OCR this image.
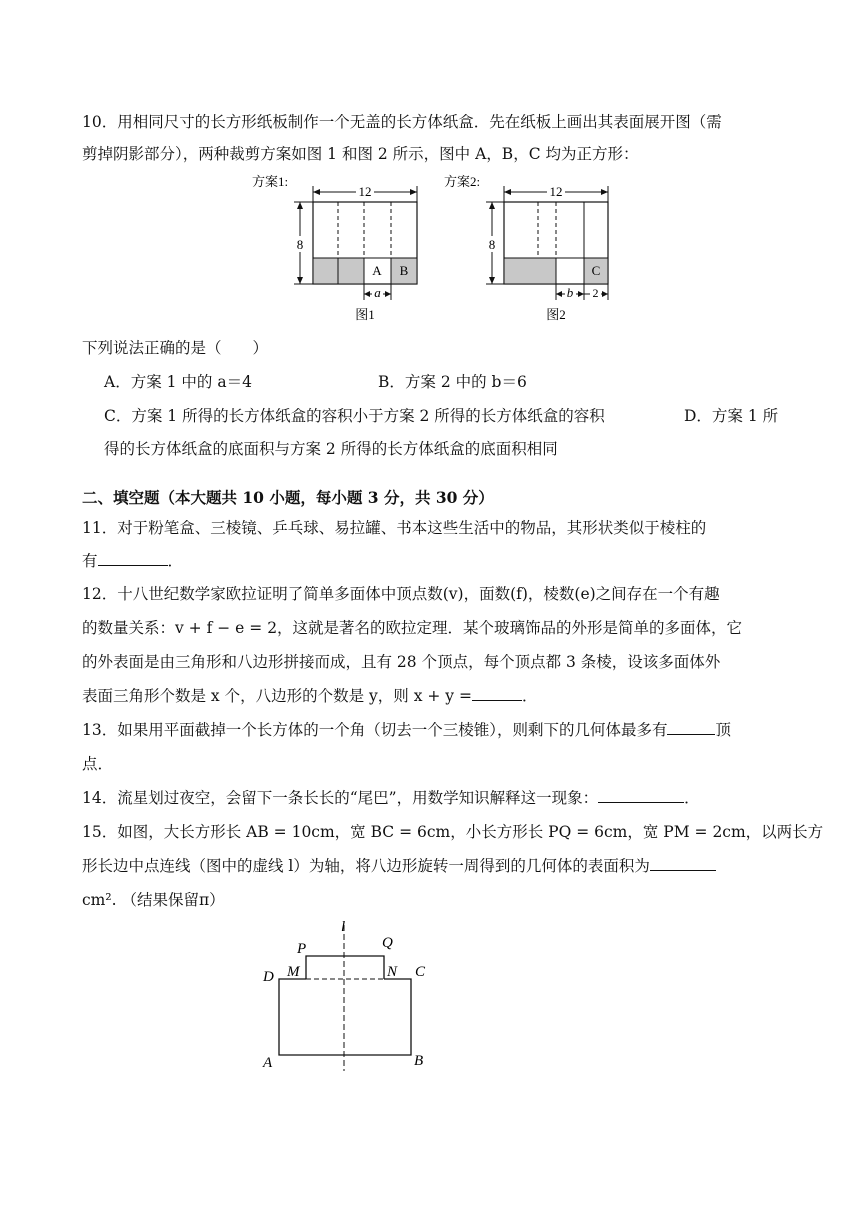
10．用相同尺寸的长方形纸板制作一个无盖的长方体纸盒．先在纸板上画出其表面展开图（需
剪掉阴影部分），两种裁剪方案如图 1 和图 2 所示，图中 A，B，C 均为正方形：
方案1:
12
8
A B
a
图1
方案2:
12
8
C
b 2
图2
下列说法正确的是（　　）
A．方案 1 中的 a＝4	B．方案 2 中的 b＝6
C．方案 1 所得的长方体纸盒的容积小于方案 2 所得的长方体纸盒的容积	D．方案 1 所
得的长方体纸盒的底面积与方案 2 所得的长方体纸盒的底面积相同
二、填空题（本大题共 10 小题，每小题 3 分，共 30 分）
11．对于粉笔盒、三棱镜、乒乓球、易拉罐、书本这些生活中的物品，其形状类似于棱柱的
有	．
12．十八世纪数学家欧拉证明了简单多面体中顶点数(v)，面数(f)，棱数(e)之间存在一个有趣
的数量关系：v + f − e = 2，这就是著名的欧拉定理．某个玻璃饰品的外形是简单的多面体，它
的外表面是由三角形和八边形拼接而成，且有 28 个顶点，每个顶点都 3 条棱，设该多面体外
表面三角形个数是 x 个，八边形的个数是 y，则 x + y =	．
13．如果用平面截掉一个长方体的一个角（切去一个三棱锥），则剩下的几何体最多有	顶
点．
14．流星划过夜空，会留下一条长长的“尾巴”，用数学知识解释这一现象：	．
15．如图，大长方形长 AB = 10cm，宽 BC = 6cm，小长方形长 PQ = 6cm，宽 PM = 2cm，以两长方
形长边中点连线（图中的虚线 l）为轴，将八边形旋转一周得到的几何体的表面积为
cm². （结果保留π）
l
P	Q
M	N
D	C
A	B
